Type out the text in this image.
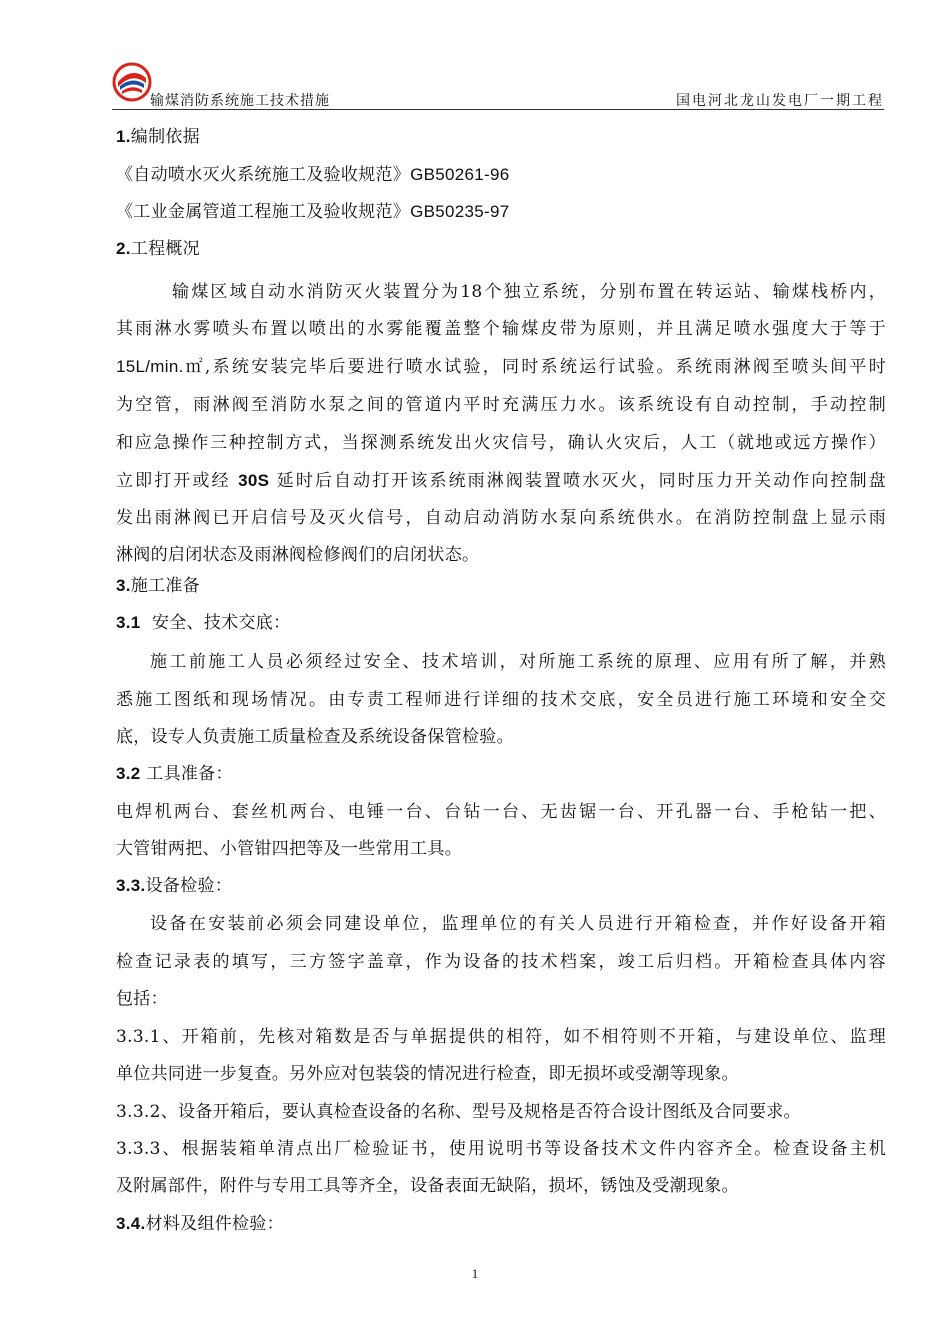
输煤消防系统施工技术措施	国电河北龙山发电厂一期工程
1.编制依据
《自动喷水灭火系统施工及验收规范》GB50261-96
《工业金属管道工程施工及验收规范》GB50235-97
2.工程概况
输煤区域自动水消防灭火装置分为18个独立系统，分别布置在转运站、输煤栈桥内，
其雨淋水雾喷头布置以喷出的水雾能覆盖整个输煤皮带为原则，并且满足喷水强度大于等于
15L/min.㎡,系统安装完毕后要进行喷水试验，同时系统运行试验。系统雨淋阀至喷头间平时
为空管，雨淋阀至消防水泵之间的管道内平时充满压力水。该系统设有自动控制，手动控制
和应急操作三种控制方式，当探测系统发出火灾信号，确认火灾后，人工（就地或远方操作）
立即打开或经 30S 延时后自动打开该系统雨淋阀装置喷水灭火，同时压力开关动作向控制盘
发出雨淋阀已开启信号及灭火信号，自动启动消防水泵向系统供水。在消防控制盘上显示雨
淋阀的启闭状态及雨淋阀检修阀们的启闭状态。
3.施工准备
3.1 安全、技术交底：
施工前施工人员必须经过安全、技术培训，对所施工系统的原理、应用有所了解，并熟
悉施工图纸和现场情况。由专责工程师进行详细的技术交底，安全员进行施工环境和安全交
底，设专人负责施工质量检查及系统设备保管检验。
3.2 工具准备：
电焊机两台、套丝机两台、电锤一台、台钻一台、无齿锯一台、开孔器一台、手枪钻一把、
大管钳两把、小管钳四把等及一些常用工具。
3.3.设备检验：
设备在安装前必须会同建设单位，监理单位的有关人员进行开箱检查，并作好设备开箱
检查记录表的填写，三方签字盖章，作为设备的技术档案，竣工后归档。开箱检查具体内容
包括：
3.3.1、开箱前，先核对箱数是否与单据提供的相符，如不相符则不开箱，与建设单位、监理
单位共同进一步复查。另外应对包装袋的情况进行检查，即无损坏或受潮等现象。
3.3.2、设备开箱后，要认真检查设备的名称、型号及规格是否符合设计图纸及合同要求。
3.3.3、根据装箱单清点出厂检验证书，使用说明书等设备技术文件内容齐全。检查设备主机
及附属部件，附件与专用工具等齐全，设备表面无缺陷，损坏，锈蚀及受潮现象。
3.4.材料及组件检验：
1
